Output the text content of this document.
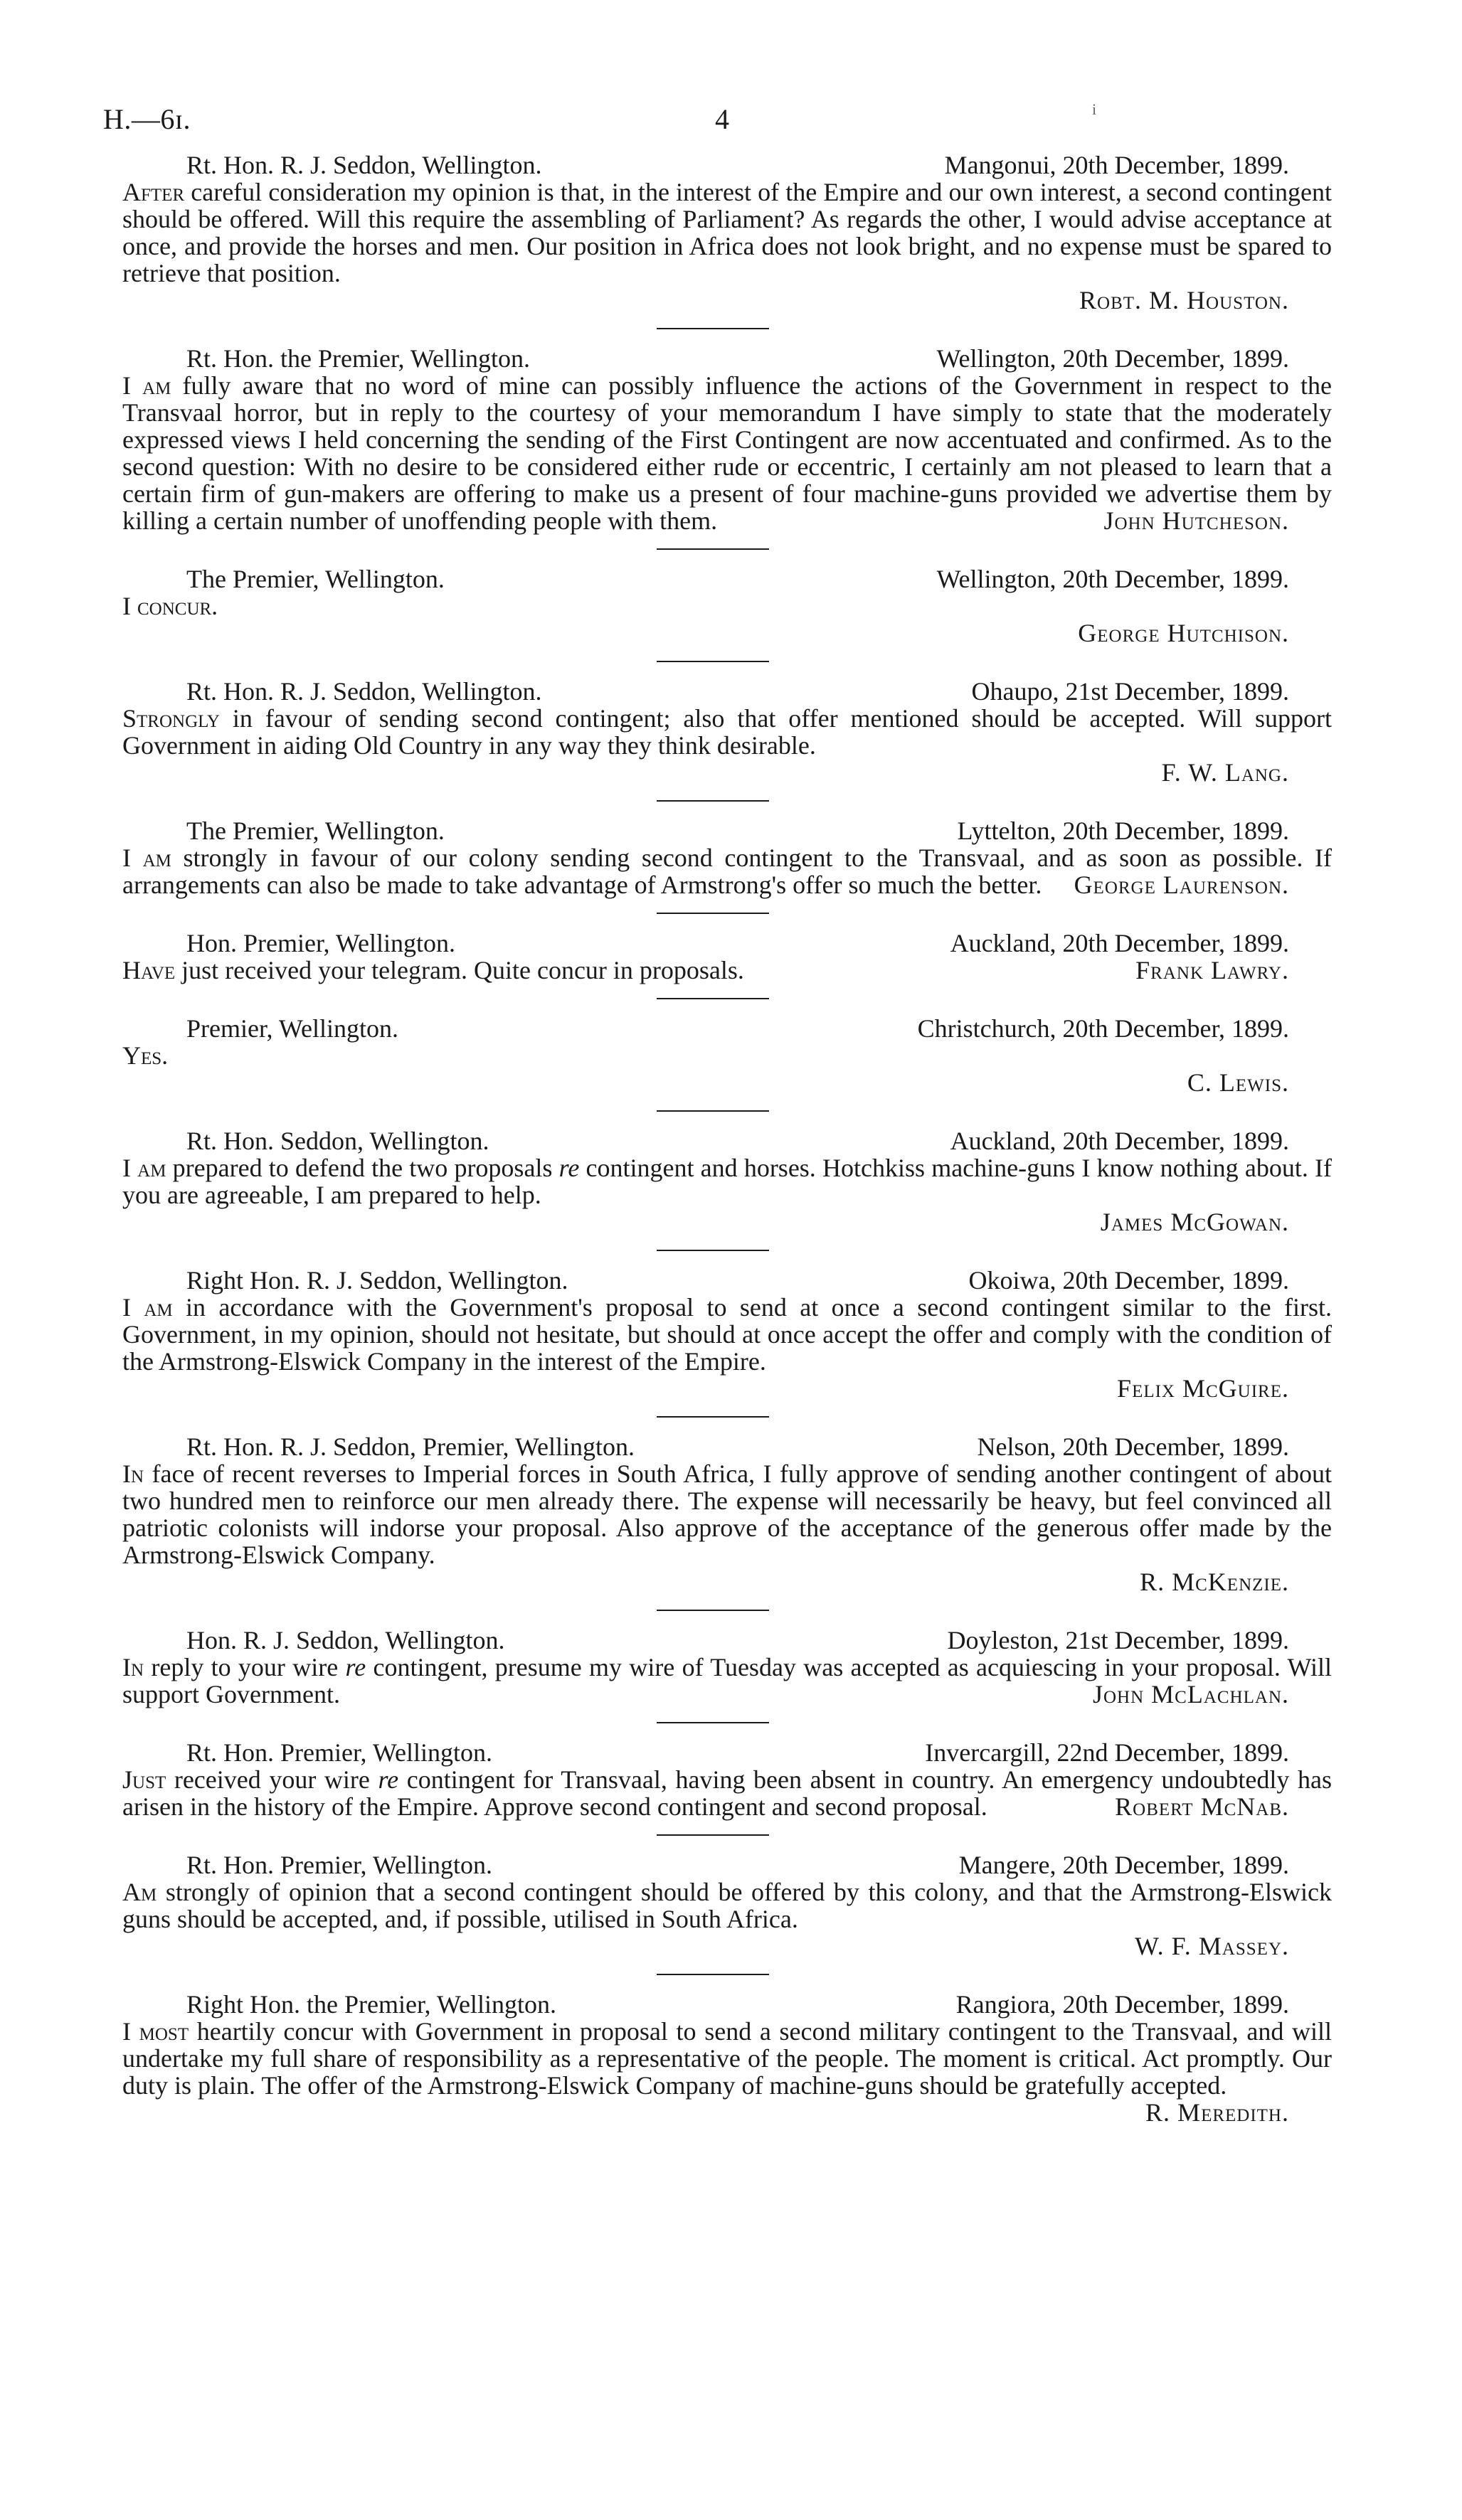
H.—6ɪ.	4	i
Rt. Hon. R. J. Seddon, Wellington.	Mangonui, 20th December, 1899.

After careful consideration my opinion is that, in the interest of the Empire and our own interest, a second contingent should be offered. Will this require the assembling of Parliament? As regards the other, I would advise acceptance at once, and provide the horses and men. Our position in Africa does not look bright, and no expense must be spared to retrieve that position.

Robt. M. Houston.
Rt. Hon. the Premier, Wellington.	Wellington, 20th December, 1899.

I am fully aware that no word of mine can possibly influence the actions of the Government in respect to the Transvaal horror, but in reply to the courtesy of your memorandum I have simply to state that the moderately expressed views I held concerning the sending of the First Contingent are now accentuated and confirmed. As to the second question: With no desire to be considered either rude or eccentric, I certainly am not pleased to learn that a certain firm of gun-makers are offering to make us a present of four machine-guns provided we advertise them by killing a certain number of unoffending people with them.	John Hutcheson.

The Premier, Wellington.	Wellington, 20th December, 1899.

I concur.

George Hutchison.
Rt. Hon. R. J. Seddon, Wellington.	Ohaupo, 21st December, 1899.

Strongly in favour of sending second contingent; also that offer mentioned should be accepted. Will support Government in aiding Old Country in any way they think desirable.

F. W. Lang.
The Premier, Wellington.	Lyttelton, 20th December, 1899.

I am strongly in favour of our colony sending second contingent to the Transvaal, and as soon as possible. If arrangements can also be made to take advantage of Armstrong's offer so much the better. George Laurenson.

Hon. Premier, Wellington.	Auckland, 20th December, 1899.

Have just received your telegram. Quite concur in proposals.	Frank Lawry.

Premier, Wellington.	Christchurch, 20th December, 1899.

Yes.

C. Lewis.
Rt. Hon. Seddon, Wellington.	Auckland, 20th December, 1899.

I am prepared to defend the two proposals re contingent and horses. Hotchkiss machine-guns I know nothing about. If you are agreeable, I am prepared to help.

James McGowan.
Right Hon. R. J. Seddon, Wellington.	Okoiwa, 20th December, 1899.

I am in accordance with the Government's proposal to send at once a second contingent similar to the first. Government, in my opinion, should not hesitate, but should at once accept the offer and comply with the condition of the Armstrong-Elswick Company in the interest of the Empire.

Felix McGuire.
Rt. Hon. R. J. Seddon, Premier, Wellington.	Nelson, 20th December, 1899.

In face of recent reverses to Imperial forces in South Africa, I fully approve of sending another contingent of about two hundred men to reinforce our men already there. The expense will necessarily be heavy, but feel convinced all patriotic colonists will indorse your proposal. Also approve of the acceptance of the generous offer made by the Armstrong-Elswick Company.

R. McKenzie.
Hon. R. J. Seddon, Wellington.	Doyleston, 21st December, 1899.

In reply to your wire re contingent, presume my wire of Tuesday was accepted as acquiescing in your proposal. Will support Government.	John McLachlan.

Rt. Hon. Premier, Wellington.	Invercargill, 22nd December, 1899.

Just received your wire re contingent for Transvaal, having been absent in country. An emergency undoubtedly has arisen in the history of the Empire. Approve second contingent and second proposal.	Robert McNab.

Rt. Hon. Premier, Wellington.	Mangere, 20th December, 1899.

Am strongly of opinion that a second contingent should be offered by this colony, and that the Armstrong-Elswick guns should be accepted, and, if possible, utilised in South Africa.

W. F. Massey.
Right Hon. the Premier, Wellington.	Rangiora, 20th December, 1899.

I most heartily concur with Government in proposal to send a second military contingent to the Transvaal, and will undertake my full share of responsibility as a representative of the people. The moment is critical. Act promptly. Our duty is plain. The offer of the Armstrong-Elswick Company of machine-guns should be gratefully accepted.
R. Meredith.
